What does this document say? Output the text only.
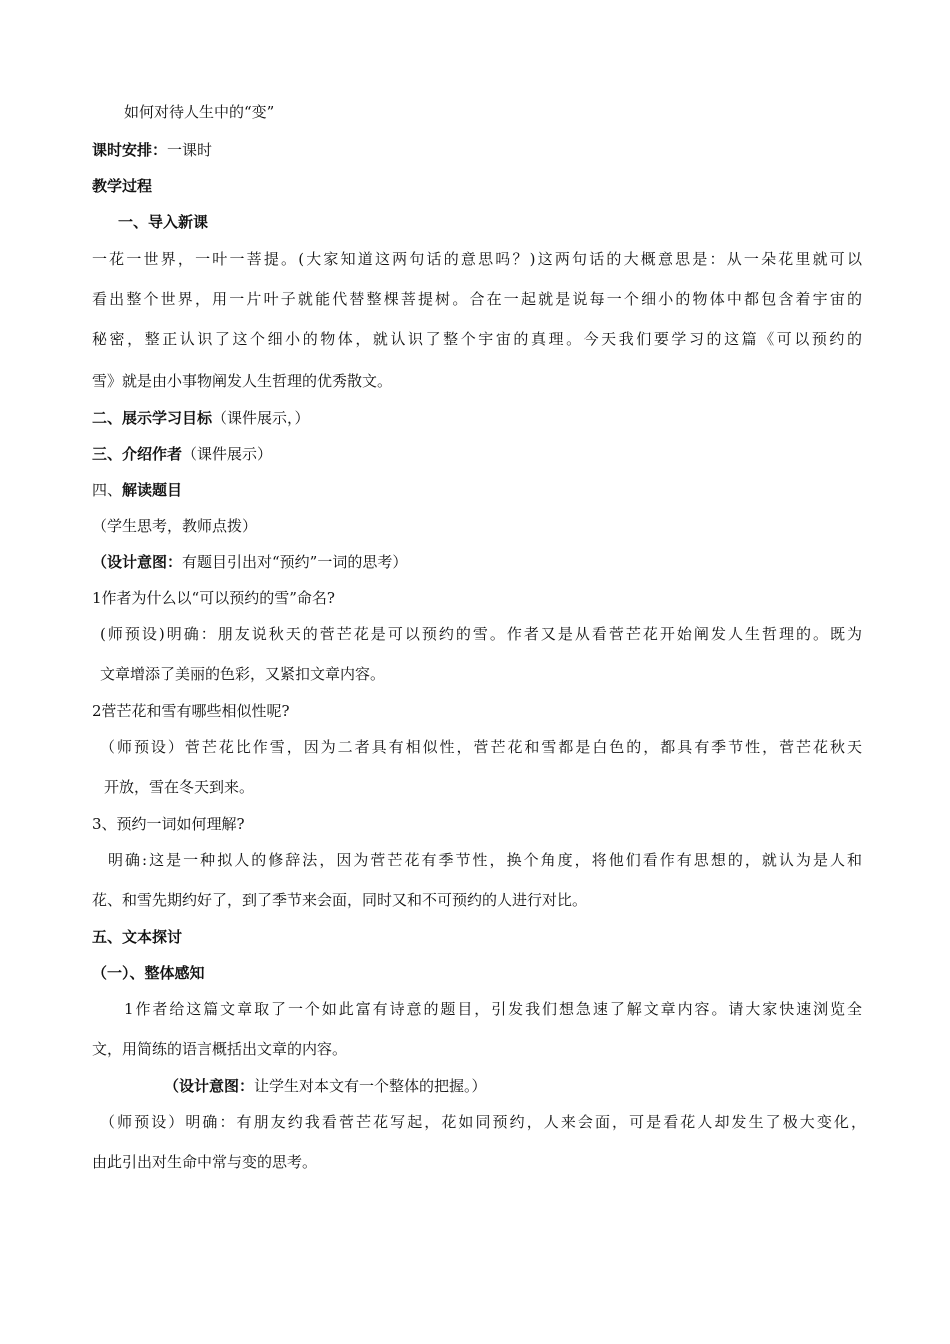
如何对待人生中的“变”
课时安排：一课时
教学过程
一、导入新课
一花一世界，一叶一菩提。(大家知道这两句话的意思吗？)这两句话的大概意思是：从一朵花里就可以
看出整个世界，用一片叶子就能代替整棵菩提树。合在一起就是说每一个细小的物体中都包含着宇宙的
秘密，整正认识了这个细小的物体，就认识了整个宇宙的真理。今天我们要学习的这篇《可以预约的
雪》就是由小事物阐发人生哲理的优秀散文。
二、展示学习目标（课件展示，）
三、介绍作者（课件展示）
四、解读题目
（学生思考，教师点拨）
（设计意图：有题目引出对“预约”一词的思考）
1作者为什么以“可以预约的雪”命名?
(师预设)明确：朋友说秋天的菅芒花是可以预约的雪。作者又是从看菅芒花开始阐发人生哲理的。既为
文章增添了美丽的色彩，又紧扣文章内容。
2菅芒花和雪有哪些相似性呢?
（师预设）菅芒花比作雪，因为二者具有相似性，菅芒花和雪都是白色的，都具有季节性，菅芒花秋天
开放，雪在冬天到来。
3、预约一词如何理解?
明确:这是一种拟人的修辞法，因为菅芒花有季节性，换个角度，将他们看作有思想的，就认为是人和
花、和雪先期约好了，到了季节来会面，同时又和不可预约的人进行对比。
五、文本探讨
（一）、整体感知
1作者给这篇文章取了一个如此富有诗意的题目，引发我们想急速了解文章内容。请大家快速浏览全
文，用简练的语言概括出文章的内容。
（设计意图：让学生对本文有一个整体的把握。）
（师预设）明确：有朋友约我看菅芒花写起，花如同预约，人来会面，可是看花人却发生了极大变化，
由此引出对生命中常与变的思考。
